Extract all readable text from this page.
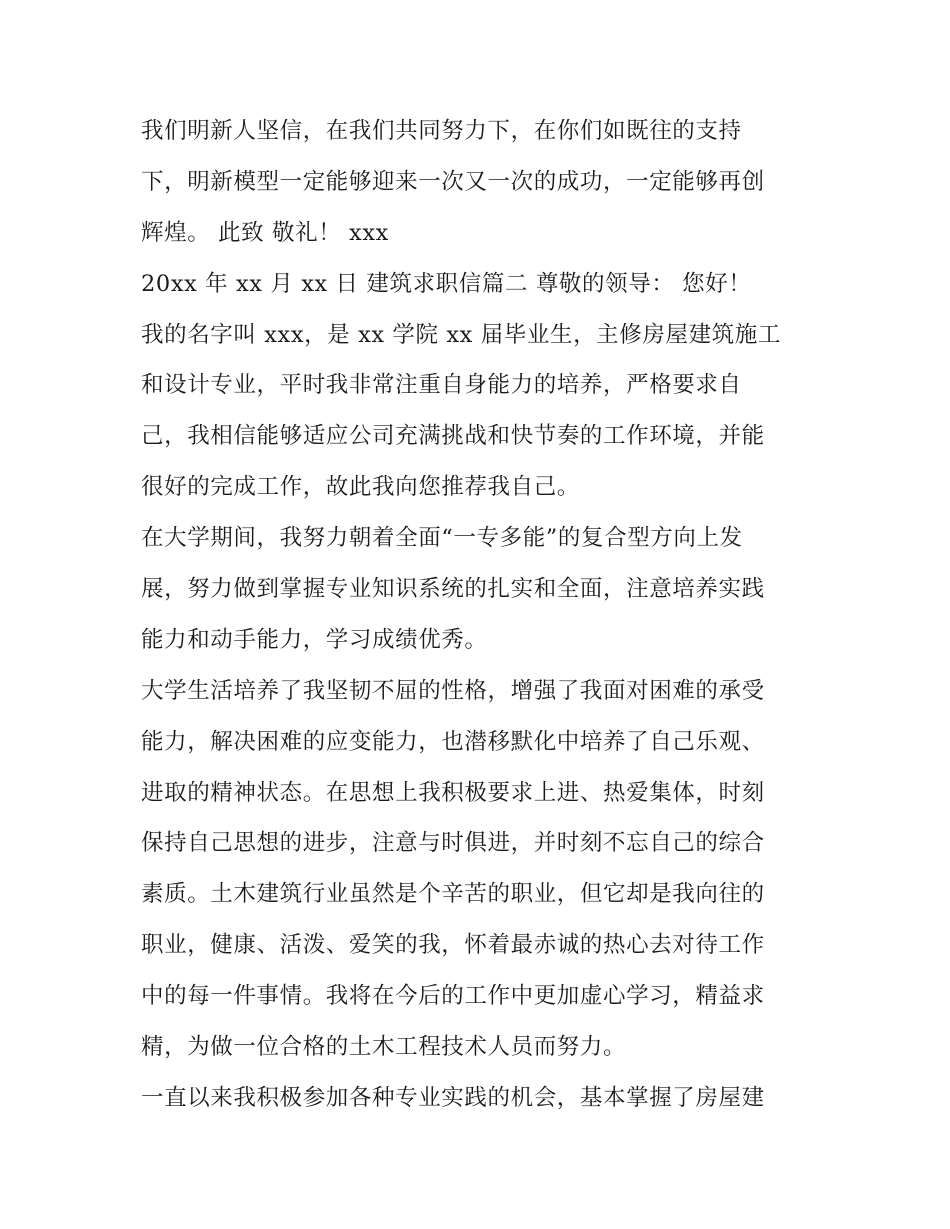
我们明新人坚信，在我们共同努力下，在你们如既往的支持
下，明新模型一定能够迎来一次又一次的成功，一定能够再创
辉煌。 此致 敬礼！ xxx
20xx 年 xx 月 xx 日 建筑求职信篇二 尊敬的领导： 您好！
我的名字叫 xxx，是 xx 学院 xx 届毕业生，主修房屋建筑施工
和设计专业，平时我非常注重自身能力的培养，严格要求自
己，我相信能够适应公司充满挑战和快节奏的工作环境，并能
很好的完成工作，故此我向您推荐我自己。
在大学期间，我努力朝着全面“一专多能”的复合型方向上发
展，努力做到掌握专业知识系统的扎实和全面，注意培养实践
能力和动手能力，学习成绩优秀。
大学生活培养了我坚韧不屈的性格，增强了我面对困难的承受
能力，解决困难的应变能力，也潜移默化中培养了自己乐观、
进取的精神状态。在思想上我积极要求上进、热爱集体，时刻
保持自己思想的进步，注意与时俱进，并时刻不忘自己的综合
素质。土木建筑行业虽然是个辛苦的职业，但它却是我向往的
职业，健康、活泼、爱笑的我，怀着最赤诚的热心去对待工作
中的每一件事情。我将在今后的工作中更加虚心学习，精益求
精，为做一位合格的土木工程技术人员而努力。
一直以来我积极参加各种专业实践的机会，基本掌握了房屋建
